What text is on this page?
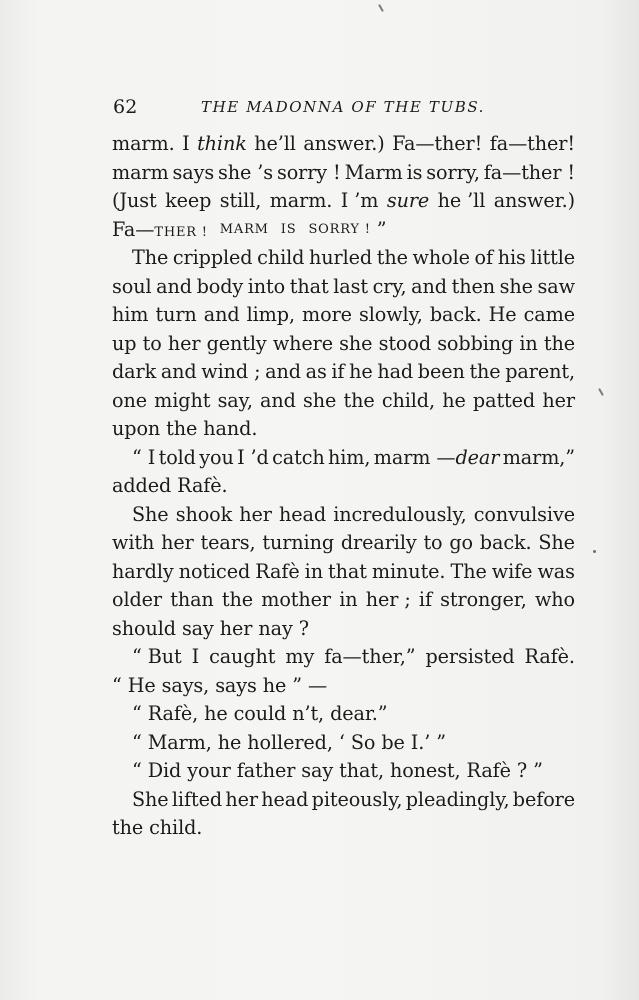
62	THE MADONNA OF THE TUBS.
marm. I think he’ll answer.) Fa—ther! fa—ther!
marm says she ’s sorry ! Marm is sorry, fa—ther !
(Just keep still, marm. I ’m sure he ’ll answer.)
Fa—THER !
MARM
IS
SORRY !
”
The crippled child hurled the whole of his little
soul and body into that last cry, and then she saw
him turn and limp, more slowly, back. He came
up to her gently where she stood sobbing in the
dark and wind ; and as if he had been the parent,
one might say, and she the child, he patted her
upon
the
hand.
“ I told you I ’d catch him, marm —dear marm,”
added
Rafè.
She shook her head incredulously, convulsive
with her tears, turning drearily to go back. She
hardly noticed Rafè in that minute. The wife was
older than the mother in her ; if stronger, who
should
say
her
nay ?
“ But I caught my fa—ther,” persisted Rafè.
“ He
says,
says
he
” —
“ Rafè,
he
could
n’t,
dear.”
“ Marm,
he
hollered,
‘ So
be
I.’
”
“ Did
your
father
say
that,
honest,
Rafè ?
”
She lifted her head piteously, pleadingly, before
the
child.
